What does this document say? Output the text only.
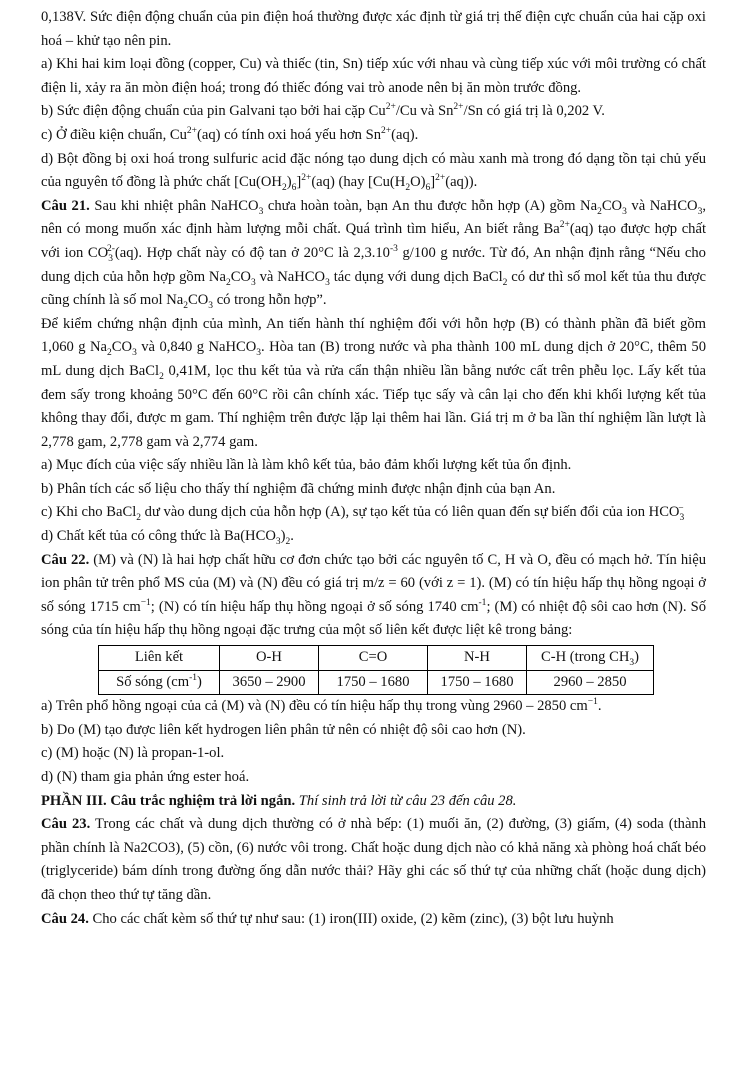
0,138V. Sức điện động chuẩn của pin điện hoá thường được xác định từ giá trị thế điện cực chuẩn của hai cặp oxi hoá – khử tạo nên pin.

a) Khi hai kim loại đồng (copper, Cu) và thiếc (tin, Sn) tiếp xúc với nhau và cùng tiếp xúc với môi trường có chất điện li, xảy ra ăn mòn điện hoá; trong đó thiếc đóng vai trò anode nên bị ăn mòn trước đồng.

b) Sức điện động chuẩn của pin Galvani tạo bởi hai cặp $Cu^{2+}/Cu$ và $Sn^{2+}/Sn$ có giá trị là 0,202 V.

c) Ở điều kiện chuẩn, $Cu^{2+}(aq)$ có tính oxi hoá yếu hơn $Sn^{2+}(aq)$.

d) Bột đồng bị oxi hoá trong sulfuric acid đặc nóng tạo dung dịch có màu xanh mà trong đó dạng tồn tại chủ yếu của nguyên tố đồng là phức chất $[Cu(OH_2)_6]^{2+}(aq)$ (hay $[Cu(H_2O)_6]^{2+}(aq)$).

Câu 21. Sau khi nhiệt phân NaHCO$_3$ chưa hoàn toàn, bạn An thu được hỗn hợp (A) gồm $Na_2CO_3$ và NaHCO$_3$, nên có mong muốn xác định hàm lượng mỗi chất. Quá trình tìm hiểu, An biết rằng $Ba^{2+}(aq)$ tạo được hợp chất với ion $CO_3^{2-}(aq)$. Hợp chất này có độ tan ở 20°C là $2,3.10^{-3}$ g/100 g nước. Từ đó, An nhận định rằng “Nếu cho dung dịch của hỗn hợp gồm $Na_2CO_3$ và NaHCO$_3$ tác dụng với dung dịch BaCl$_2$ có dư thì số mol kết tủa thu được cũng chính là số mol $Na_2CO_3$ có trong hỗn hợp”.

Để kiểm chứng nhận định của mình, An tiến hành thí nghiệm đối với hỗn hợp (B) có thành phần đã biết gồm 1,060 g $Na_2CO_3$ và 0,840 g NaHCO$_3$. Hòa tan (B) trong nước và pha thành 100 mL dung dịch ở 20°C, thêm 50 mL dung dịch BaCl$_2$ 0,41M, lọc thu kết tủa và rửa cẩn thận nhiều lần bằng nước cất trên phễu lọc. Lấy kết tủa đem sấy trong khoảng 50°C đến 60°C rồi cân chính xác. Tiếp tục sấy và cân lại cho đến khi khối lượng kết tủa không thay đổi, được m gam. Thí nghiệm trên được lặp lại thêm hai lần. Giá trị m ở ba lần thí nghiệm lần lượt là 2,778 gam, 2,778 gam và 2,774 gam.

a) Mục đích của việc sấy nhiều lần là làm khô kết tủa, bảo đảm khối lượng kết tủa ổn định.

b) Phân tích các số liệu cho thấy thí nghiệm đã chứng minh được nhận định của bạn An.

c) Khi cho BaCl$_2$ dư vào dung dịch của hỗn hợp (A), sự tạo kết tủa có liên quan đến sự biến đổi của ion $HCO_3^-$

d) Chất kết tủa có công thức là $Ba(HCO_3)_2$.

Câu 22. (M) và (N) là hai hợp chất hữu cơ đơn chức tạo bởi các nguyên tố C, H và O, đều có mạch hở. Tín hiệu ion phân tử trên phổ MS của (M) và (N) đều có giá trị m/z = 60 (với z = 1). (M) có tín hiệu hấp thụ hồng ngoại ở số sóng 1715 $cm^{-1}$; (N) có tín hiệu hấp thụ hồng ngoại ở số sóng 1740 $cm^{-1}$; (M) có nhiệt độ sôi cao hơn (N). Số sóng của tín hiệu hấp thụ hồng ngoại đặc trưng của một số liên kết được liệt kê trong bảng:

Liên kết	O-H	C=O	N-H	C-H (trong $CH_3$)
Số sóng $(cm^{-1})$	3650 – 2900	1750 – 1680	1750 – 1680	2960 – 2850

a) Trên phổ hồng ngoại của cả (M) và (N) đều có tín hiệu hấp thụ trong vùng 2960 – 2850 $cm^{-1}$.

b) Do (M) tạo được liên kết hydrogen liên phân tử nên có nhiệt độ sôi cao hơn (N).

c) (M) hoặc (N) là propan-1-ol.

d) (N) tham gia phản ứng ester hoá.

PHẦN III. Câu trắc nghiệm trả lời ngắn. Thí sinh trả lời từ câu 23 đến câu 28.

Câu 23. Trong các chất và dung dịch thường có ở nhà bếp: (1) muối ăn, (2) đường, (3) giấm, (4) soda (thành phần chính là Na2CO3), (5) cồn, (6) nước vôi trong. Chất hoặc dung dịch nào có khả năng xà phòng hoá chất béo (triglyceride) bám dính trong đường ống dẫn nước thải? Hãy ghi các số thứ tự của những chất (hoặc dung dịch) đã chọn theo thứ tự tăng dần.

Câu 24. Cho các chất kèm số thứ tự như sau: (1) iron(III) oxide, (2) kẽm (zinc), (3) bột lưu huỳnh
